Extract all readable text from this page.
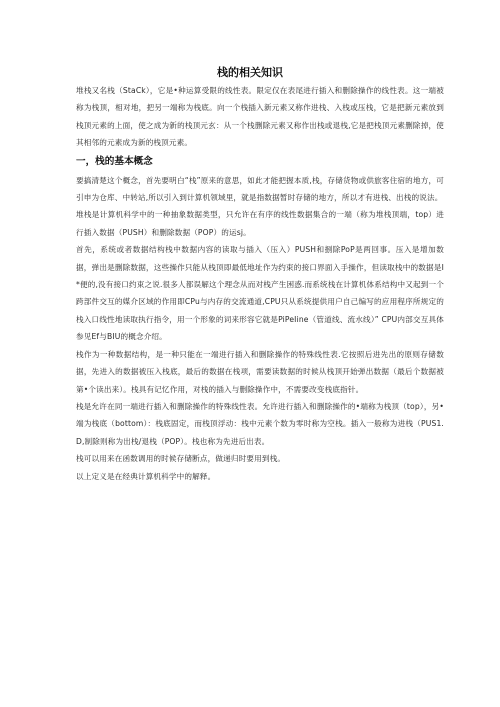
栈的相关知识

堆栈又名栈（StaCk），它是•种运算受限的线性表。限定仅在表尾进行插入和删除操作的线性表。这一端被称为栈顶，相对地，把另一端称为栈底。向一个栈插入新元素又称作进栈、入栈或压栈，它是把新元素放到栈顶元素的上面，使之成为新的栈顶元玄：从一个栈删除元素又称作出栈或退栈,它是把栈顶元素删除掉，使其相邻的元素成为新的栈顶元素。

一，栈的基本概念

要搞清楚这个概念，首先要明白“栈”原来的意思，如此才能把握本质,栈，存储货物或供旅客住宿的地方，可引申为仓库、中转站,所以引入到计算机领域里，就是指数据暂时存储的地方，所以才有进栈、出栈的说法。

堆栈是计算机科学中的一种抽象数据类型，只允许在有序的线性数据集合的一端（称为堆栈顶端，top）进行插入数据（PUSH）和删除数据（POP）的运sj。

首先，系统或者数据结构栈中数据内容的读取与插入（压入）PUSH和捌除PoP是两回事。压入是增加数据，弹出是删除数据，这些操作只能从栈顶即最低地址作为约束的接口界面入手操作，但读取栈中的数据是I*便的,没有接口约束之说.很多人都误解这个理念从而对栈产生困惑.而系统栈在计算机体系结构中又起到一个跨部件交互的媒介区域的作用即CPu与内存的交流通道,CPU只从系统提供用户自己编写的应用程序所规定的栈入口线性地读取执行指令，用一个形象的词来形容它就是PiPeIine（管道线、流水线）” CPU内部交互具体参见Ef与BIU的概念介绍。

栈作为一种数据结构，是一种只能在一端进行插入和删除操作的特殊线性表.它按照后进先出的原则存储数据，先进入的数据被压入栈底，最后的数据在栈项，需要读数据的时候从栈顶开始弹出数据（最后个数据被第•个读出来）。栈具有记忆作用，对栈的插入与删除操作中，不需要改变栈底指针。

栈是允许在同一端进行插入和删除操作的特殊线性表。允许进行插入和删除操作的•端称为栈顶（top），另•端为栈底（bottom）：栈底固定，而栈顶浮动：栈中元素个数为零时称为空栈。插入一般称为进栈（PUS1.D,制除则称为出栈/退栈（POP）。栈也称为先进后出表。

栈可以用来在函数调用的时候存储断点，做递归时要用到栈。

以上定义是在经典计算机科学中的解释。
